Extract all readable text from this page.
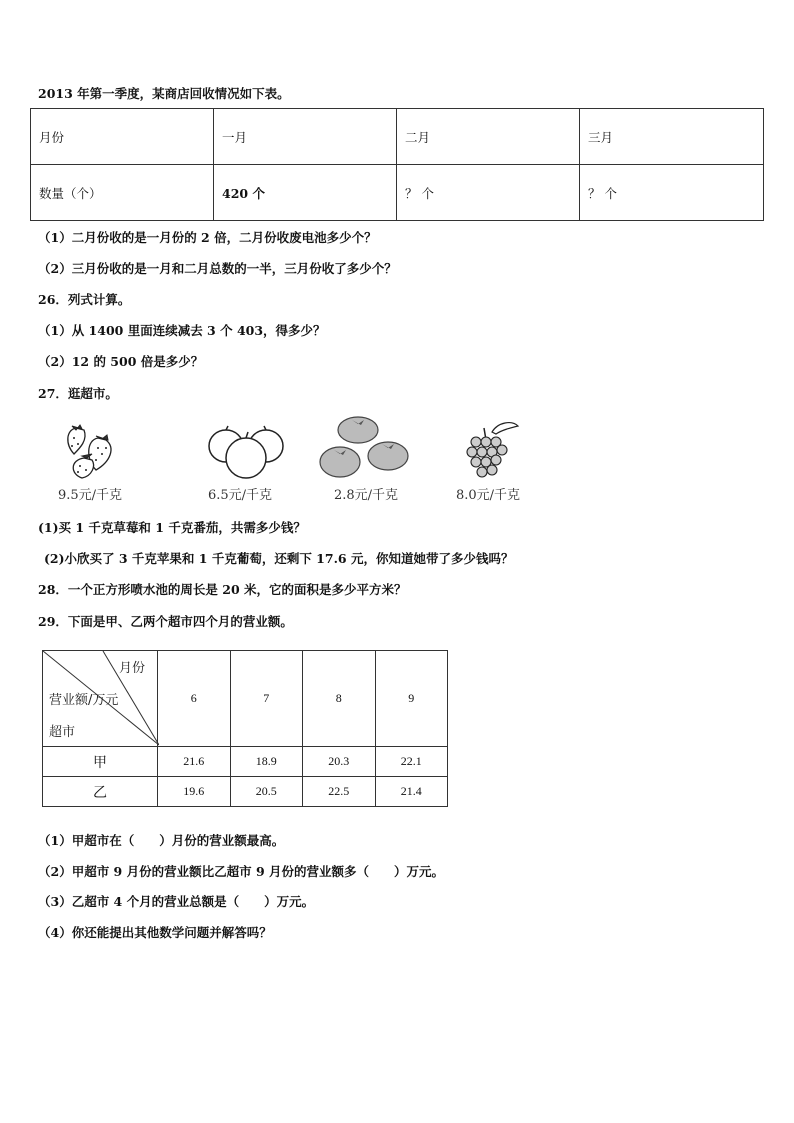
2013 年第一季度，某商店回收情况如下表。
月份	一月	二月	三月
数量（个）	420 个	？ 个	？ 个
（1）二月份收的是一月份的 2 倍，二月份收废电池多少个？
（2）三月份收的是一月和二月总数的一半，三月份收了多少个？
26．列式计算。
（1）从 1400 里面连续减去 3 个 403，得多少？
（2）12 的 500 倍是多少？
27．逛超市。
9.5元/千克	6.5元/千克	2.8元/千克	8.0元/千克
(1)买 1 千克草莓和 1 千克番茄，共需多少钱？
(2)小欣买了 3 千克苹果和 1 千克葡萄，还剩下 17.6 元，你知道她带了多少钱吗？
28．一个正方形喷水池的周长是 20 米，它的面积是多少平方米？
29．下面是甲、乙两个超市四个月的营业额。
月份
营业额/万元
超市	6	7	8	9
甲	21.6	18.9	20.3	22.1
乙	19.6	20.5	22.5	21.4
（1）甲超市在（　　）月份的营业额最高。
（2）甲超市 9 月份的营业额比乙超市 9 月份的营业额多（　　）万元。
（3）乙超市 4 个月的营业总额是（　　）万元。
（4）你还能提出其他数学问题并解答吗？
